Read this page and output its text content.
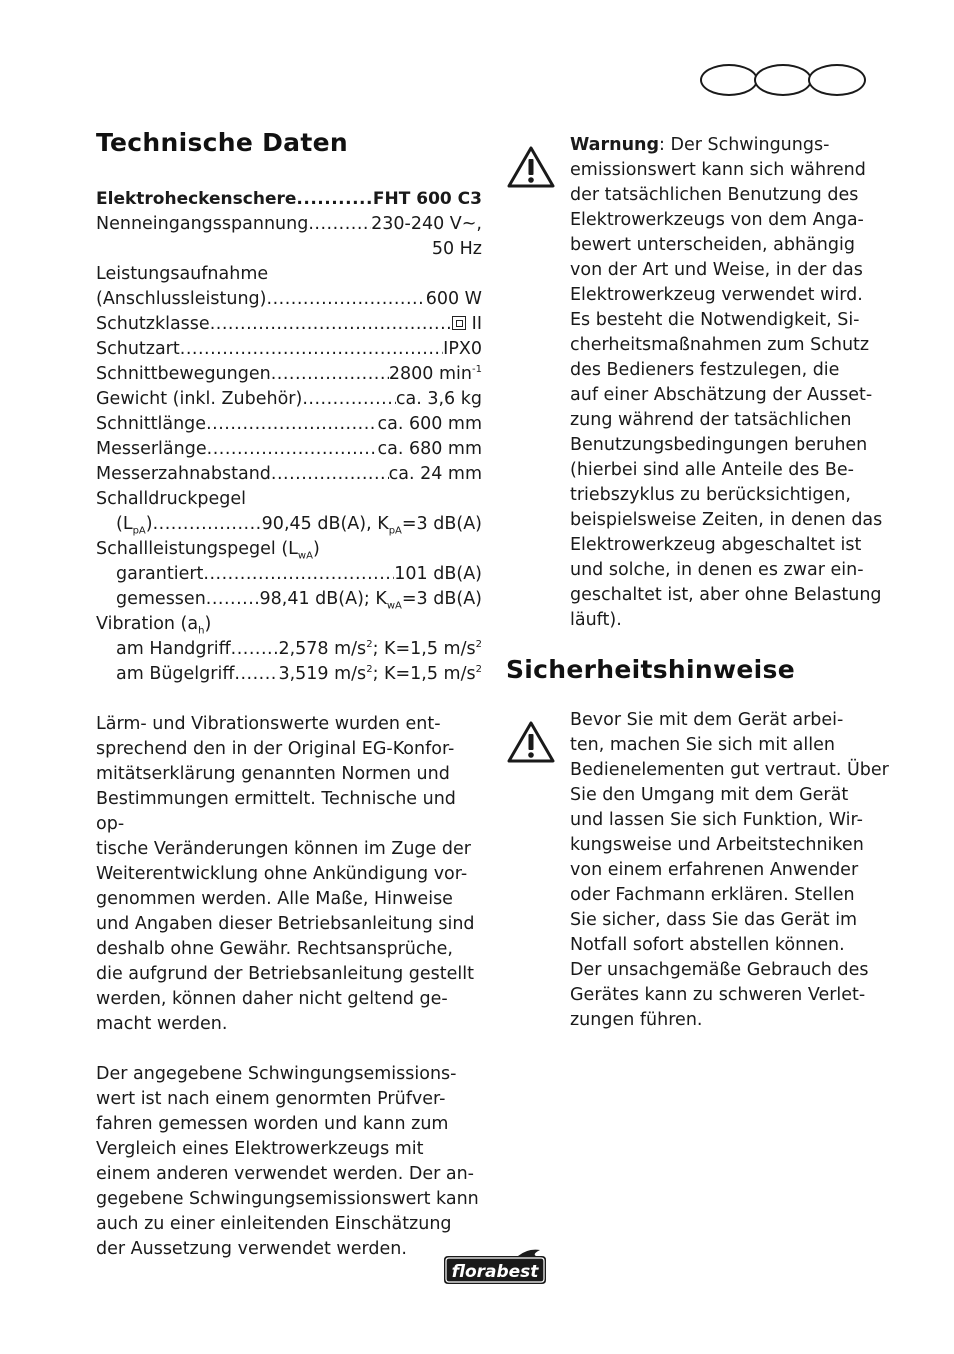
Technische Daten
Elektroheckenschere .....	FHT 600 C3
Nenneingangsspannung .....	230-240 V~,
50 Hz
Leistungsaufnahme
(Anschlussleistung) .....	600 W
Schutzklasse .....	II
Schutzart .....	IPX0
Schnittbewegungen .....	2800 $\min^{-1}$
Gewicht (inkl. Zubehör) .....	ca. 3,6 kg
Schnittlänge .....	ca. 600 mm
Messerlänge .....	ca. 680 mm
Messerzahnabstand .....	ca. 24 mm
Schalldruckpegel
$(L_{pA})$ .....	90,45 dB(A), $K_{pA}=3$ dB(A)
Schallleistungspegel $(L_{wA})$
garantiert .....	101 dB(A)
gemessen .....	98,41 dB(A); $K_{wA}=3$ dB(A)
Vibration $(a_h)$
am Handgriff .....	2,578 $m/s^2$; K=1,5 $m/s^2$
am Bügelgriff .....	3,519 $m/s^2$; K=1,5 $m/s^2$

Lärm- und Vibrationswerte wurden ent-
sprechend den in der Original EG-Konfor-
mitätserklärung genannten Normen und
Bestimmungen ermittelt. Technische und op-
tische Veränderungen können im Zuge der
Weiterentwicklung ohne Ankündigung vor-
genommen werden. Alle Maße, Hinweise
und Angaben dieser Betriebsanleitung sind
deshalb ohne Gewähr. Rechtsansprüche,
die aufgrund der Betriebsanleitung gestellt
werden, können daher nicht geltend ge-
macht werden.

Der angegebene Schwingungsemissions-
wert ist nach einem genormten Prüfver-
fahren gemessen worden und kann zum
Vergleich eines Elektrowerkzeugs mit
einem anderen verwendet werden. Der an-
gegebene Schwingungsemissionswert kann
auch zu einer einleitenden Einschätzung
der Aussetzung verwendet werden.

Warnung: Der Schwingungs-
emissionswert kann sich während
der tatsächlichen Benutzung des
Elektrowerkzeugs von dem Anga-
bewert unterscheiden, abhängig
von der Art und Weise, in der das
Elektrowerkzeug verwendet wird.
Es besteht die Notwendigkeit, Si-
cherheitsmaßnahmen zum Schutz
des Bedieners festzulegen, die
auf einer Abschätzung der Ausset-
zung während der tatsächlichen
Benutzungsbedingungen beruhen
(hierbei sind alle Anteile des Be-
triebszyklus zu berücksichtigen,
beispielsweise Zeiten, in denen das
Elektrowerkzeug abgeschaltet ist
und solche, in denen es zwar ein-
geschaltet ist, aber ohne Belastung
läuft).

Sicherheitshinweise

Bevor Sie mit dem Gerät arbei-
ten, machen Sie sich mit allen
Bedienelementen gut vertraut. Über
Sie den Umgang mit dem Gerät
und lassen Sie sich Funktion, Wir-
kungsweise und Arbeitstechniken
von einem erfahrenen Anwender
oder Fachmann erklären. Stellen
Sie sicher, dass Sie das Gerät im
Notfall sofort abstellen können.
Der unsachgemäße Gebrauch des
Gerätes kann zu schweren Verlet-
zungen führen.

florabest
